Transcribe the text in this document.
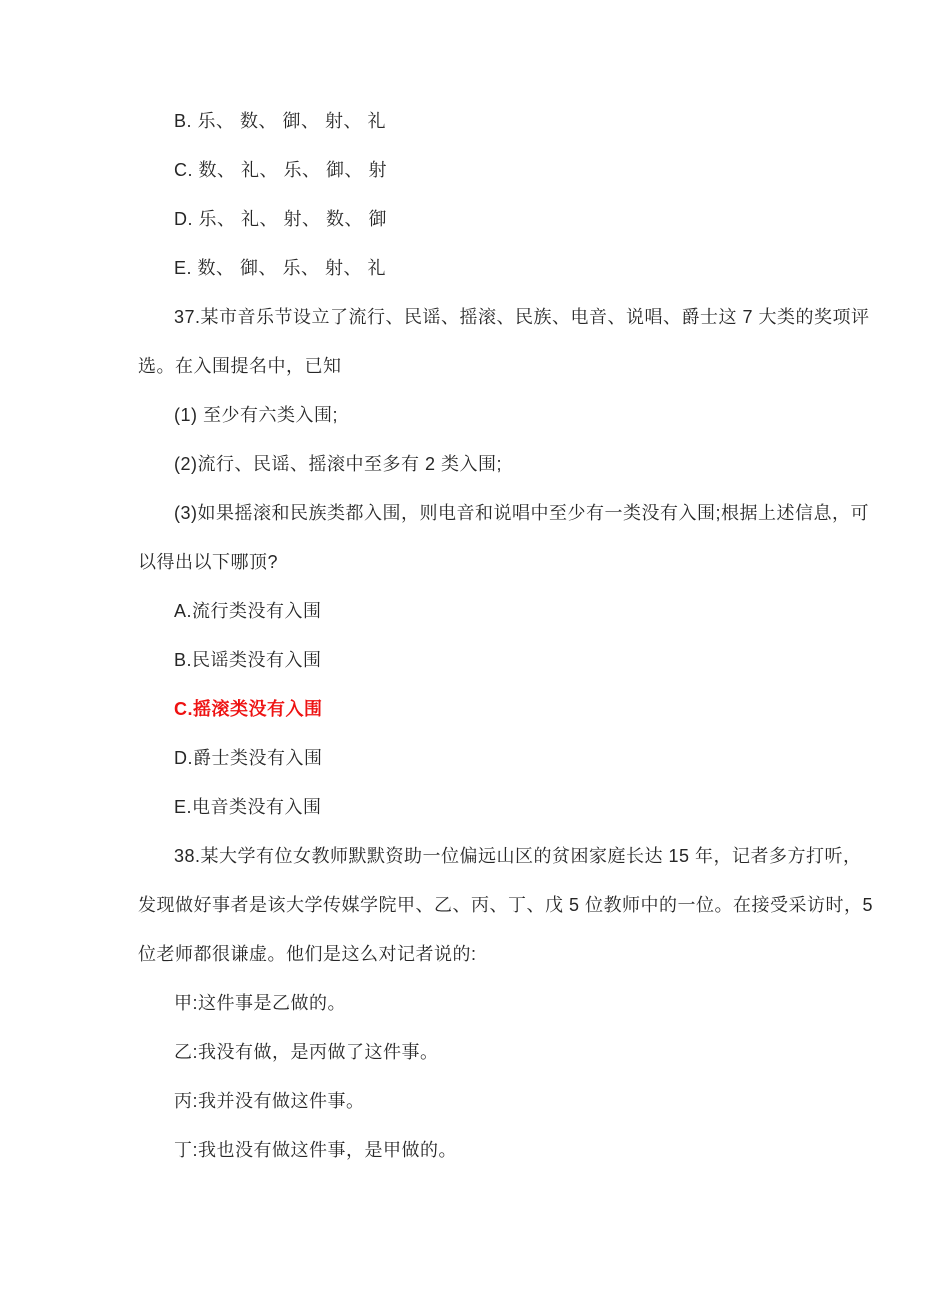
B. 乐、 数、 御、 射、 礼

C. 数、 礼、 乐、 御、 射

D. 乐、 礼、 射、 数、 御

E. 数、 御、 乐、 射、 礼

37.某市音乐节设立了流行、民谣、摇滚、民族、电音、说唱、爵士这 7 大类的奖项评

选。在入围提名中，已知

(1) 至少有六类入围;

(2)流行、民谣、摇滚中至多有 2 类入围;

(3)如果摇滚和民族类都入围，则电音和说唱中至少有一类没有入围;根据上述信息，可

以得出以下哪顶?

A.流行类没有入围

B.民谣类没有入围

C.摇滚类没有入围

D.爵士类没有入围

E.电音类没有入围

38.某大学有位女教师默默资助一位偏远山区的贫困家庭长达 15 年，记者多方打听，

发现做好事者是该大学传媒学院甲、乙、丙、丁、戊 5 位教师中的一位。在接受采访时，5

位老师都很谦虚。他们是这么对记者说的:

甲:这件事是乙做的。

乙:我没有做，是丙做了这件事。

丙:我并没有做这件事。

丁:我也没有做这件事，是甲做的。
